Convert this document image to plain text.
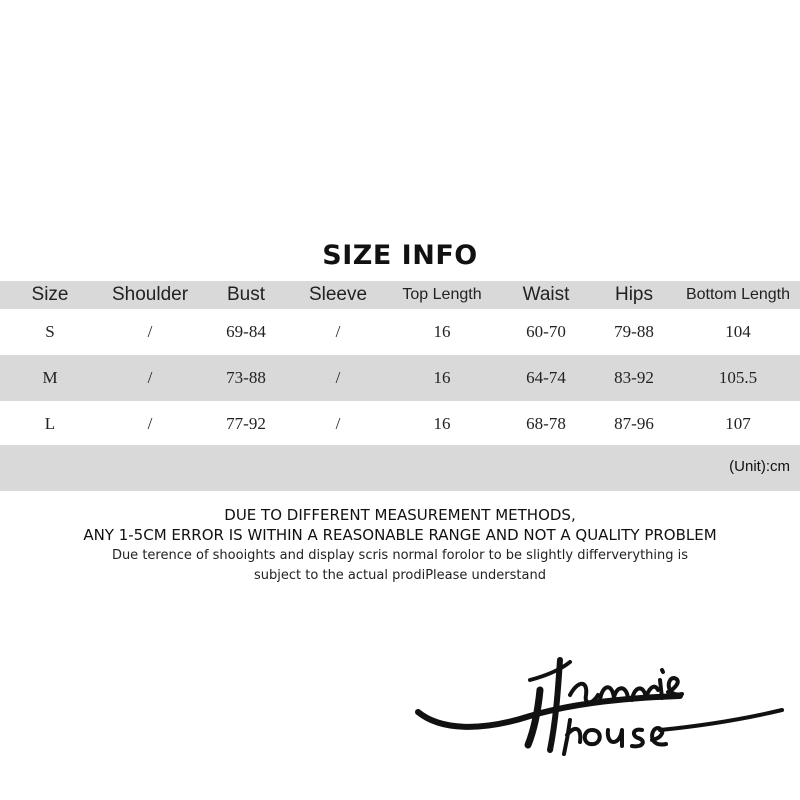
SIZE INFO
Size	Shoulder	Bust	Sleeve	Top Length	Waist	Hips	Bottom Length
S	/	69-84	/	16	60-70	79-88	104
M	/	73-88	/	16	64-74	83-92	105.5
L	/	77-92	/	16	68-78	87-96	107
(Unit):cm
DUE TO DIFFERENT MEASUREMENT METHODS,
ANY 1-5CM ERROR IS WITHIN A REASONABLE RANGE AND NOT A QUALITY PROBLEM
Due terence of shooights and display scris normal forolor to be slightly differverything is
subject to the actual prodiPlease understand
